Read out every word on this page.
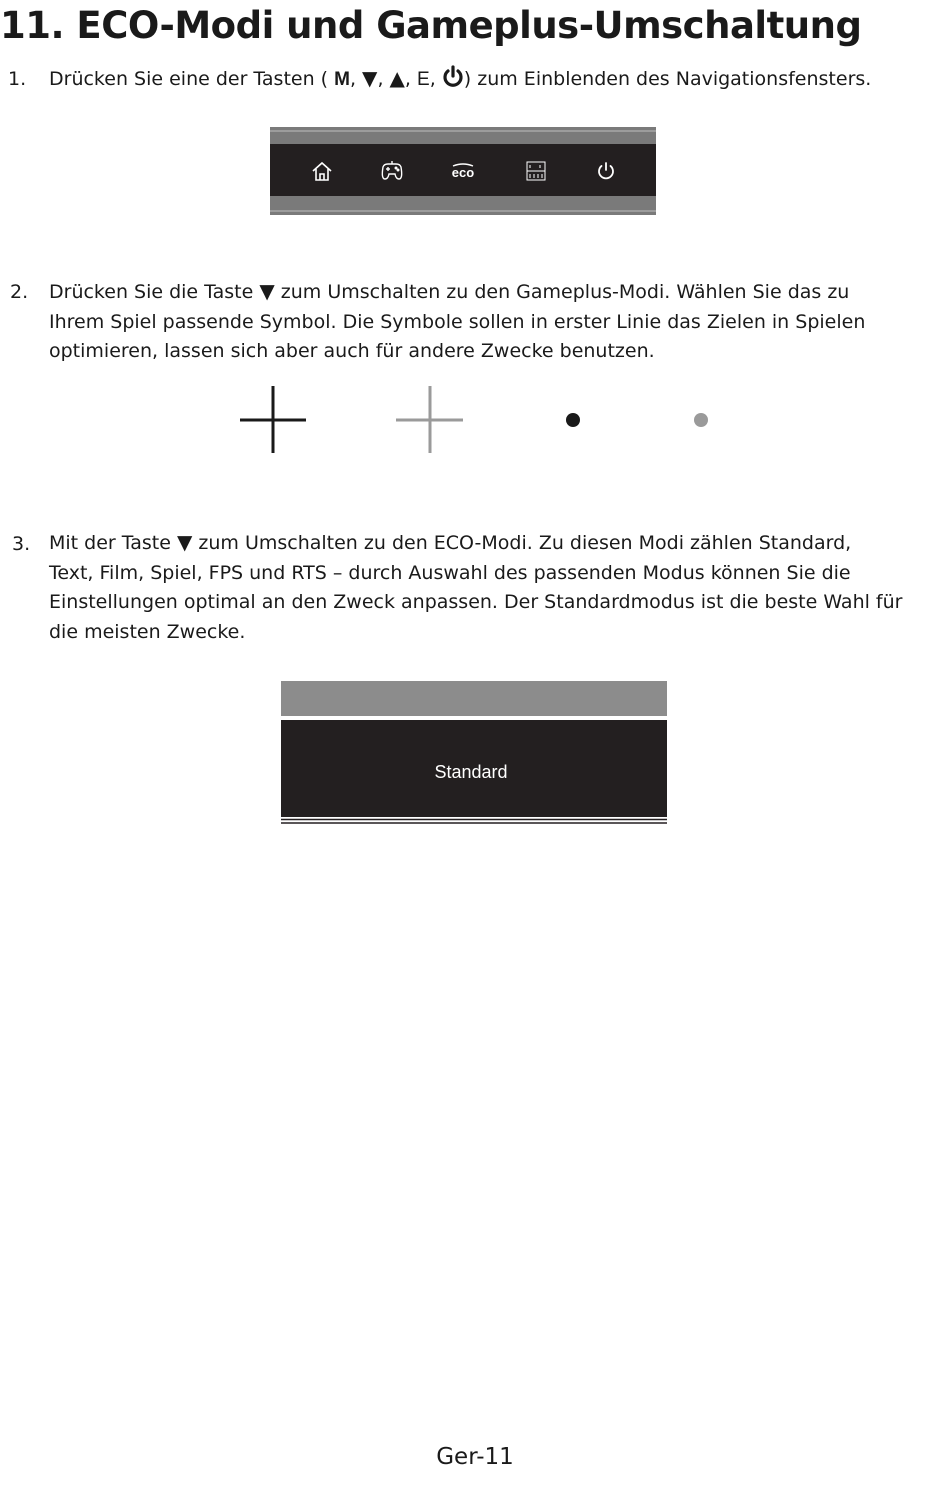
11. ECO-Modi und Gameplus-Umschaltung
1. Drücken Sie eine der Tasten ( M, ▼, ▲, E, ) zum Einblenden des Navigationsfensters.
eco
2. Drücken Sie die Taste ▼ zum Umschalten zu den Gameplus-Modi. Wählen Sie das zu
Ihrem Spiel passende Symbol. Die Symbole sollen in erster Linie das Zielen in Spielen
optimieren, lassen sich aber auch für andere Zwecke benutzen.
3. Mit der Taste ▼ zum Umschalten zu den ECO-Modi. Zu diesen Modi zählen Standard,
Text, Film, Spiel, FPS und RTS – durch Auswahl des passenden Modus können Sie die
Einstellungen optimal an den Zweck anpassen. Der Standardmodus ist die beste Wahl für
die meisten Zwecke.
Standard
Ger-11
